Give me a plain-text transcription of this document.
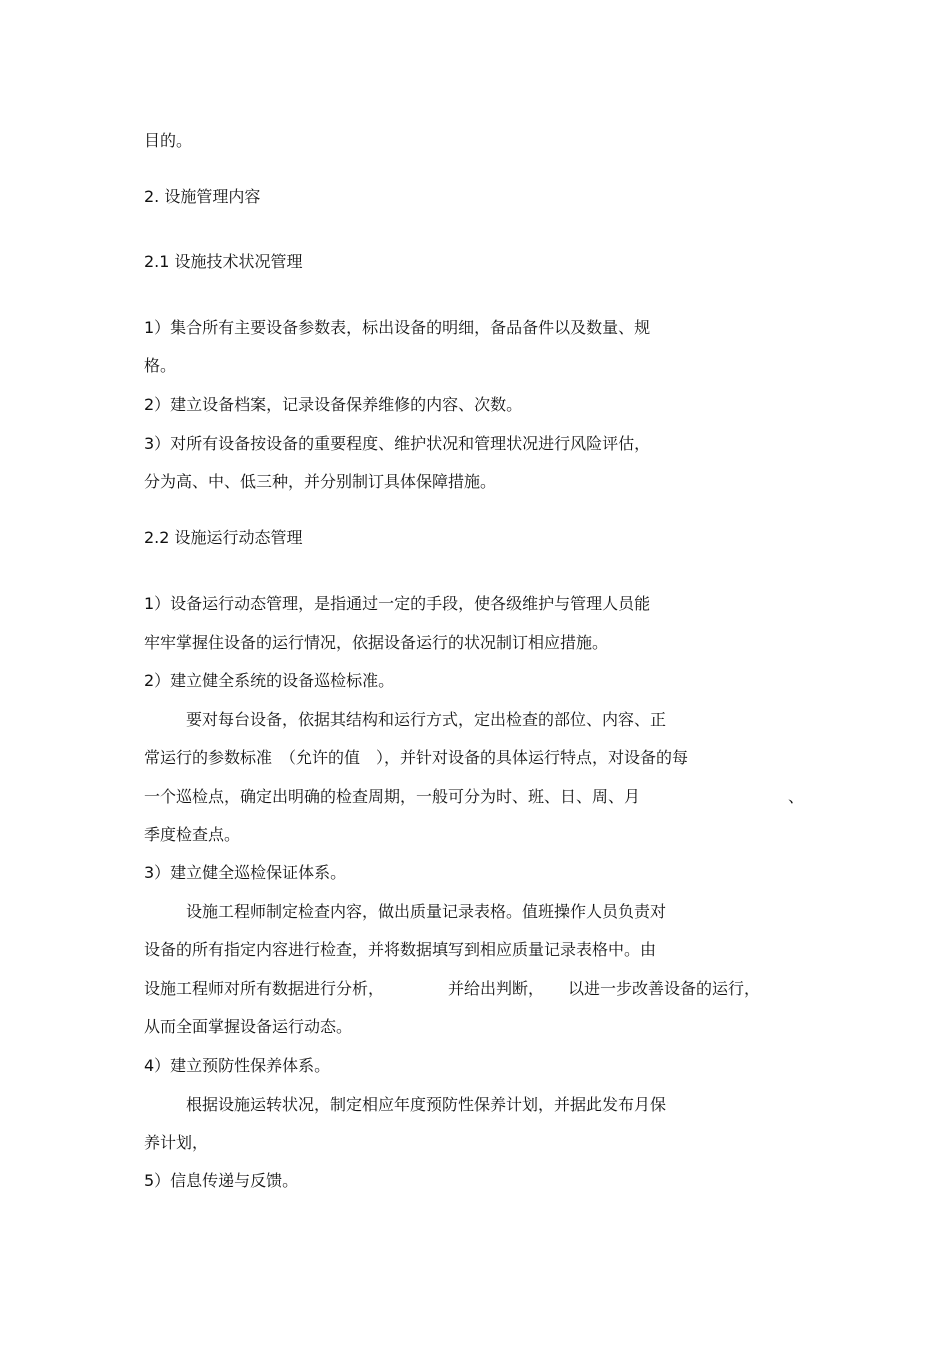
目的。
2. 设施管理内容
2.1 设施技术状况管理
1）集合所有主要设备参数表，标出设备的明细，备品备件以及数量、规
格。
2）建立设备档案，记录设备保养维修的内容、次数。
3）对所有设备按设备的重要程度、维护状况和管理状况进行风险评估，
分为高、中、低三种，并分别制订具体保障措施。
2.2 设施运行动态管理
1）设备运行动态管理，是指通过一定的手段，使各级维护与管理人员能
牢牢掌握住设备的运行情况，依据设备运行的状况制订相应措施。
2）建立健全系统的设备巡检标准。
要对每台设备，依据其结构和运行方式，定出检查的部位、内容、正
常运行的参数标准　（允许的值　），并针对设备的具体运行特点，对设备的每
一个巡检点，确定出明确的检查周期，一般可分为时、班、日、周、月	、
季度检查点。
3）建立健全巡检保证体系。
设施工程师制定检查内容，做出质量记录表格。值班操作人员负责对
设备的所有指定内容进行检查，并将数据填写到相应质量记录表格中。由
设施工程师对所有数据进行分析，	并给出判断， 以进一步改善设备的运行，
从而全面掌握设备运行动态。
4）建立预防性保养体系。
根据设施运转状况，制定相应年度预防性保养计划，并据此发布月保
养计划，
5）信息传递与反馈。
